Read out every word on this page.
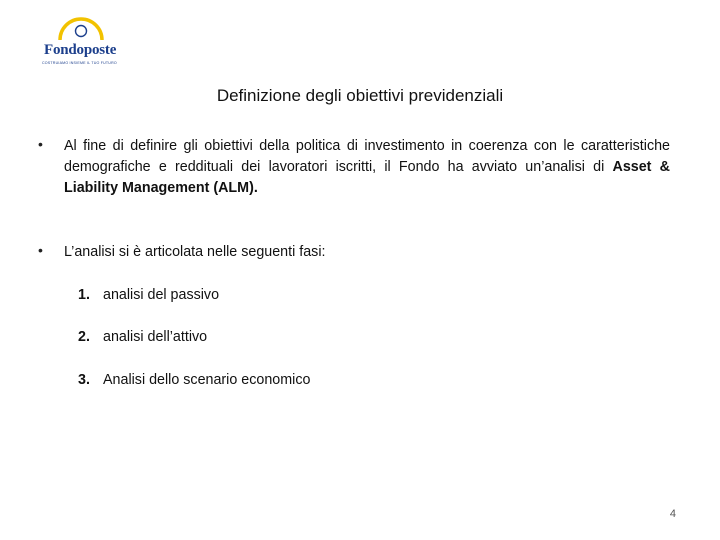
Fondoposte
COSTRUIAMO INSIEME IL TUO FUTURO
Definizione degli obiettivi previdenziali
• Al fine di definire gli obiettivi della politica di investimento in coerenza con le caratteristiche demografiche e reddituali dei lavoratori iscritti, il Fondo ha avviato un’analisi di Asset & Liability Management (ALM).
• L’analisi si è articolata nelle seguenti fasi:
1. analisi del passivo
2. analisi dell’attivo
3. Analisi dello scenario economico
4
